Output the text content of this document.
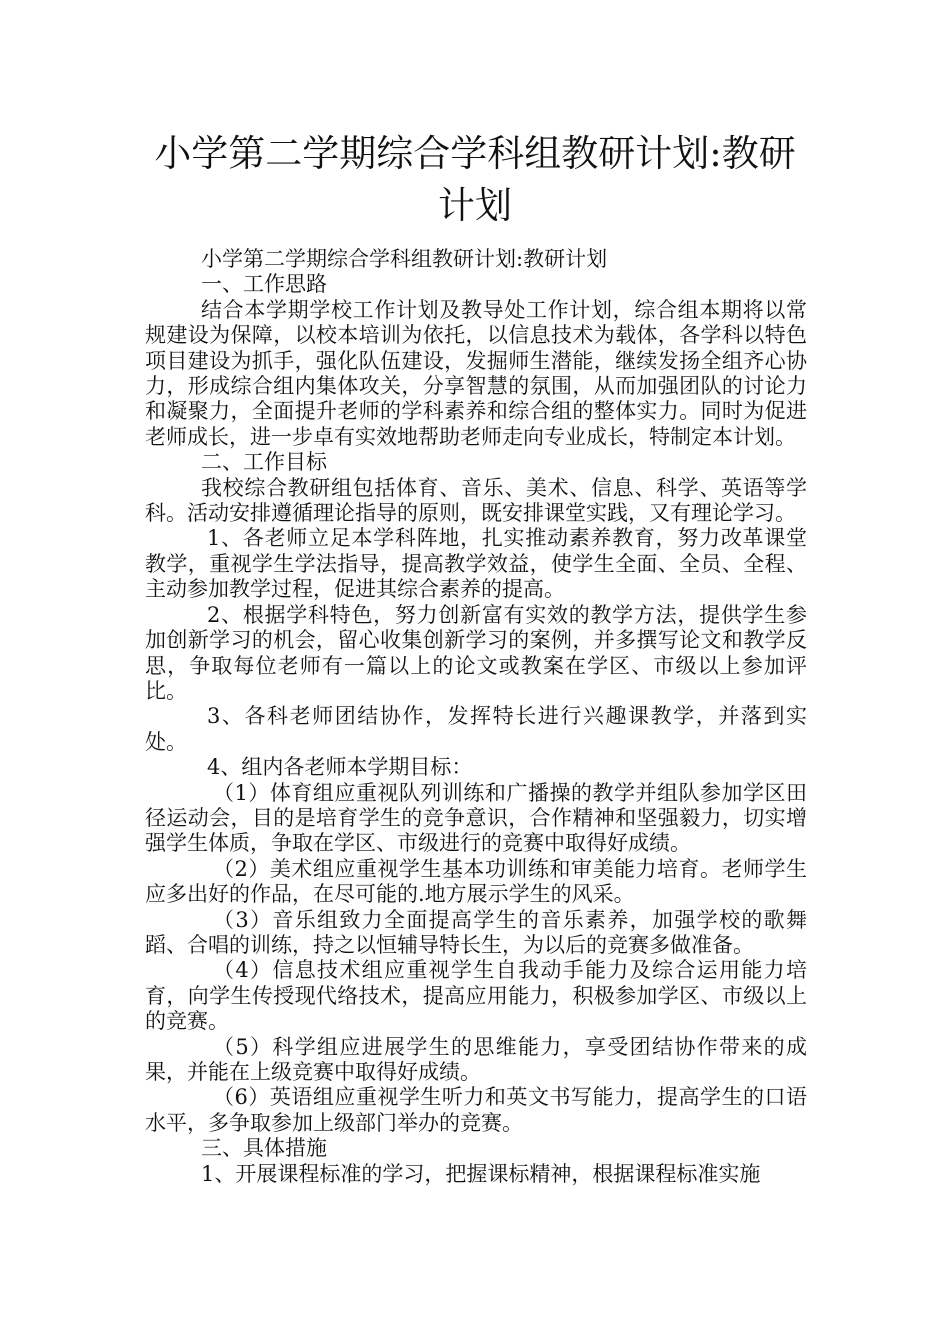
小学第二学期综合学科组教研计划:教研计划

小学第二学期综合学科组教研计划:教研计划

一、工作思路

结合本学期学校工作计划及教导处工作计划，综合组本期将以常规建设为保障，以校本培训为依托，以信息技术为载体，各学科以特色项目建设为抓手，强化队伍建设，发掘师生潜能，继续发扬全组齐心协力，形成综合组内集体攻关，分享智慧的氛围，从而加强团队的讨论力和凝聚力，全面提升老师的学科素养和综合组的整体实力。同时为促进老师成长，进一步卓有实效地帮助老师走向专业成长，特制定本计划。

二、工作目标

我校综合教研组包括体育、音乐、美术、信息、科学、英语等学科。活动安排遵循理论指导的原则，既安排课堂实践，又有理论学习。

1、各老师立足本学科阵地，扎实推动素养教育，努力改革课堂教学，重视学生学法指导，提高教学效益，使学生全面、全员、全程、主动参加教学过程，促进其综合素养的提高。

2、根据学科特色，努力创新富有实效的教学方法，提供学生参加创新学习的机会，留心收集创新学习的案例，并多撰写论文和教学反思，争取每位老师有一篇以上的论文或教案在学区、市级以上参加评比。

3、各科老师团结协作，发挥特长进行兴趣课教学，并落到实处。

4、组内各老师本学期目标：

（1）体育组应重视队列训练和广播操的教学并组队参加学区田径运动会，目的是培育学生的竞争意识，合作精神和坚强毅力，切实增强学生体质，争取在学区、市级进行的竞赛中取得好成绩。

（2）美术组应重视学生基本功训练和审美能力培育。老师学生应多出好的作品，在尽可能的.地方展示学生的风采。

（3）音乐组致力全面提高学生的音乐素养，加强学校的歌舞蹈、合唱的训练，持之以恒辅导特长生，为以后的竞赛多做准备。

（4）信息技术组应重视学生自我动手能力及综合运用能力培育，向学生传授现代络技术，提高应用能力，积极参加学区、市级以上的竞赛。

（5）科学组应进展学生的思维能力，享受团结协作带来的成果，并能在上级竞赛中取得好成绩。

（6）英语组应重视学生听力和英文书写能力，提高学生的口语水平，多争取参加上级部门举办的竞赛。

三、具体措施

1、开展课程标准的学习，把握课标精神，根据课程标准实施
